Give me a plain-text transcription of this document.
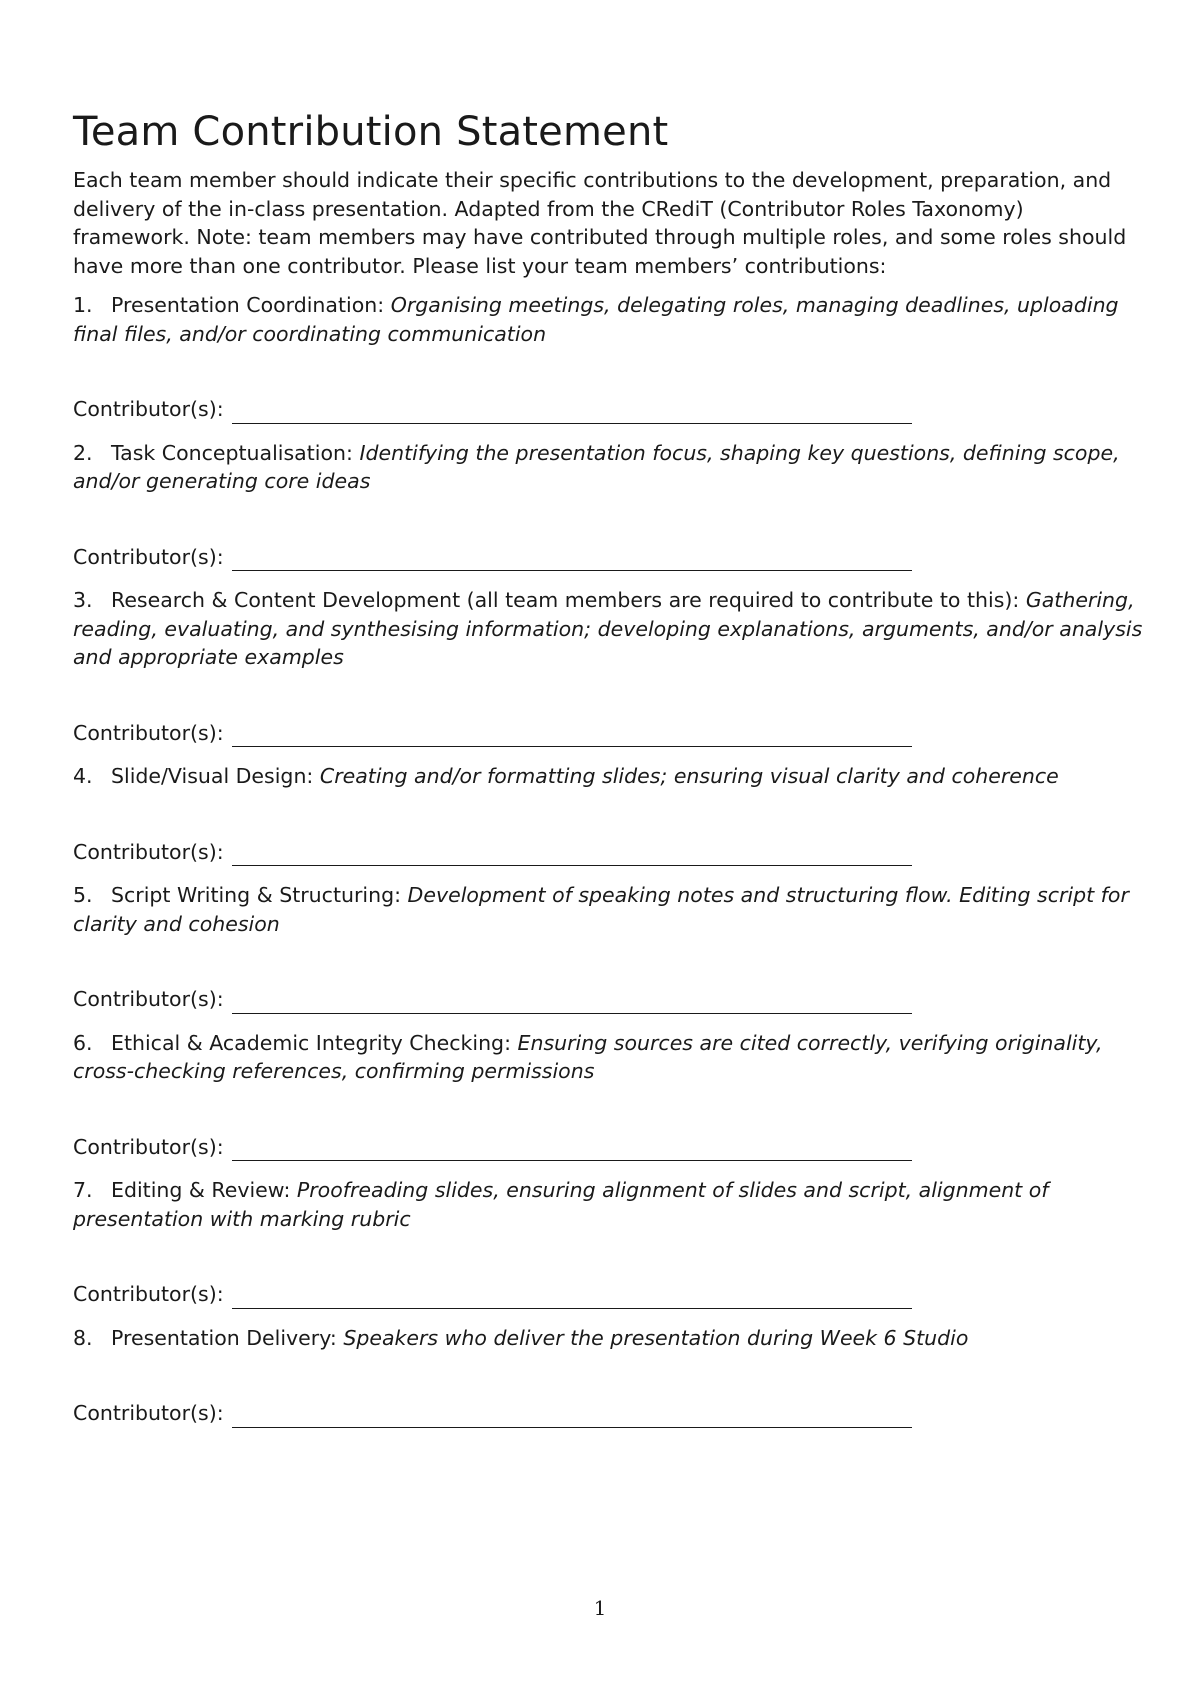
Team Contribution Statement

Each team member should indicate their specific contributions to the development, preparation, and delivery of the in-class presentation. Adapted from the CRediT (Contributor Roles Taxonomy) framework. Note: team members may have contributed through multiple roles, and some roles should have more than one contributor. Please list your team members’ contributions:

1. Presentation Coordination: Organising meetings, delegating roles, managing deadlines, uploading final files, and/or coordinating communication

Contributor(s):

2. Task Conceptualisation: Identifying the presentation focus, shaping key questions, defining scope, and/or generating core ideas

Contributor(s):

3. Research & Content Development (all team members are required to contribute to this): Gathering, reading, evaluating, and synthesising information; developing explanations, arguments, and/or analysis and appropriate examples

Contributor(s):

4. Slide/Visual Design: Creating and/or formatting slides; ensuring visual clarity and coherence

Contributor(s):

5. Script Writing & Structuring: Development of speaking notes and structuring flow. Editing script for clarity and cohesion

Contributor(s):

6. Ethical & Academic Integrity Checking: Ensuring sources are cited correctly, verifying originality, cross-checking references, confirming permissions

Contributor(s):

7. Editing & Review: Proofreading slides, ensuring alignment of slides and script, alignment of presentation with marking rubric

Contributor(s):

8. Presentation Delivery: Speakers who deliver the presentation during Week 6 Studio

Contributor(s):

1
